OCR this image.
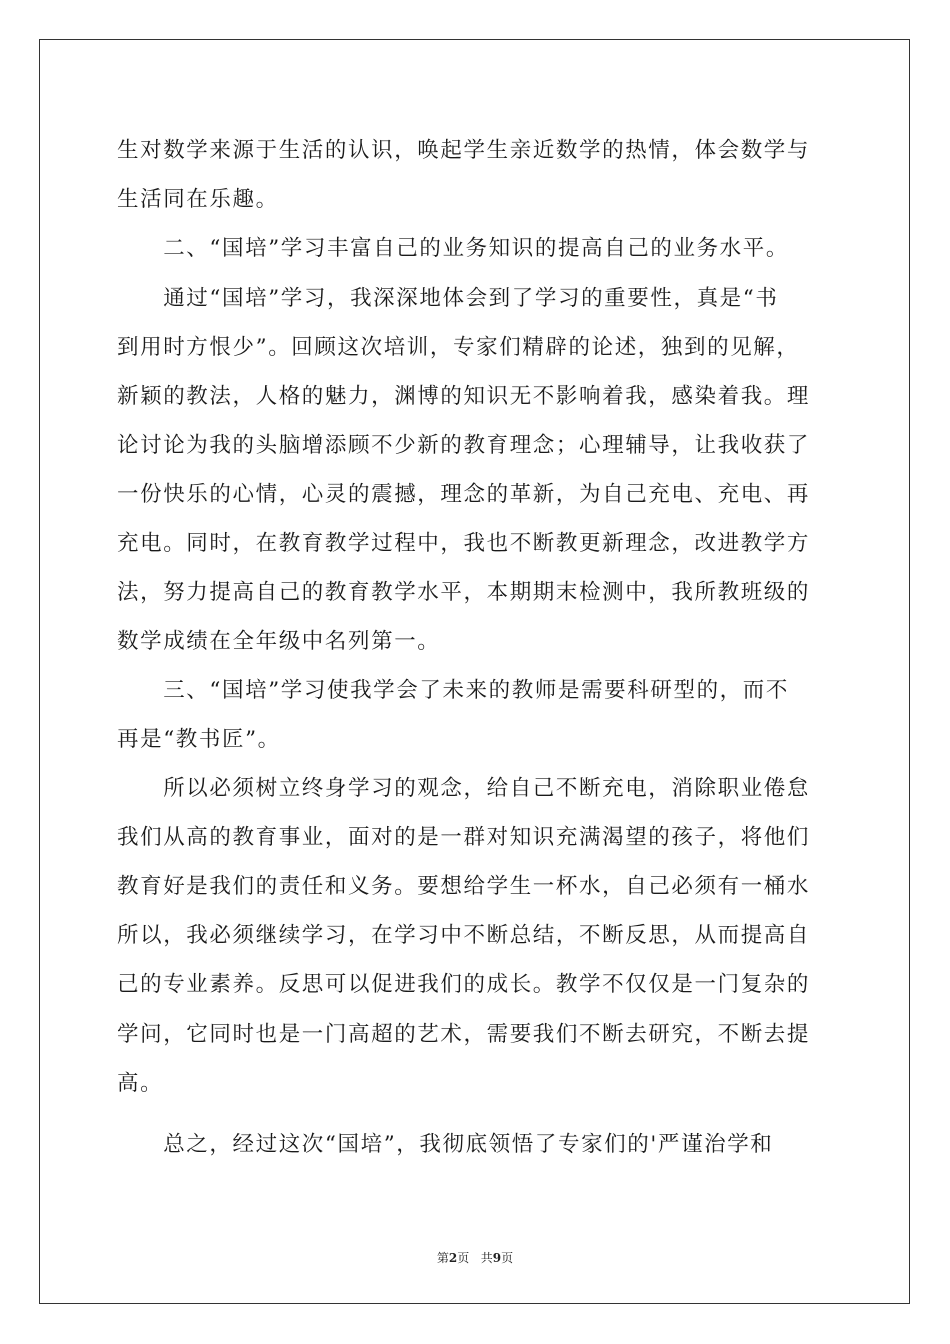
生对数学来源于生活的认识，唤起学生亲近数学的热情，体会数学与
生活同在乐趣。
　　二、“国培”学习丰富自己的业务知识的提高自己的业务水平。
　　通过“国培”学习，我深深地体会到了学习的重要性，真是“书
到用时方恨少”。回顾这次培训，专家们精辟的论述，独到的见解，
新颖的教法，人格的魅力，渊博的知识无不影响着我，感染着我。理
论讨论为我的头脑增添顾不少新的教育理念；心理辅导，让我收获了
一份快乐的心情，心灵的震撼，理念的革新，为自己充电、充电、再
充电。同时，在教育教学过程中，我也不断教更新理念，改进教学方
法，努力提高自己的教育教学水平，本期期末检测中，我所教班级的
数学成绩在全年级中名列第一。
　　三、“国培”学习使我学会了未来的教师是需要科研型的，而不
再是“教书匠”。
　　所以必须树立终身学习的观念，给自己不断充电，消除职业倦怠
我们从高的教育事业，面对的是一群对知识充满渴望的孩子，将他们
教育好是我们的责任和义务。要想给学生一杯水，自己必须有一桶水
所以，我必须继续学习，在学习中不断总结，不断反思，从而提高自
己的专业素养。反思可以促进我们的成长。教学不仅仅是一门复杂的
学问，它同时也是一门高超的艺术，需要我们不断去研究，不断去提
高。
　　总之，经过这次“国培”，我彻底领悟了专家们的'严谨治学和
第2页 共9页
